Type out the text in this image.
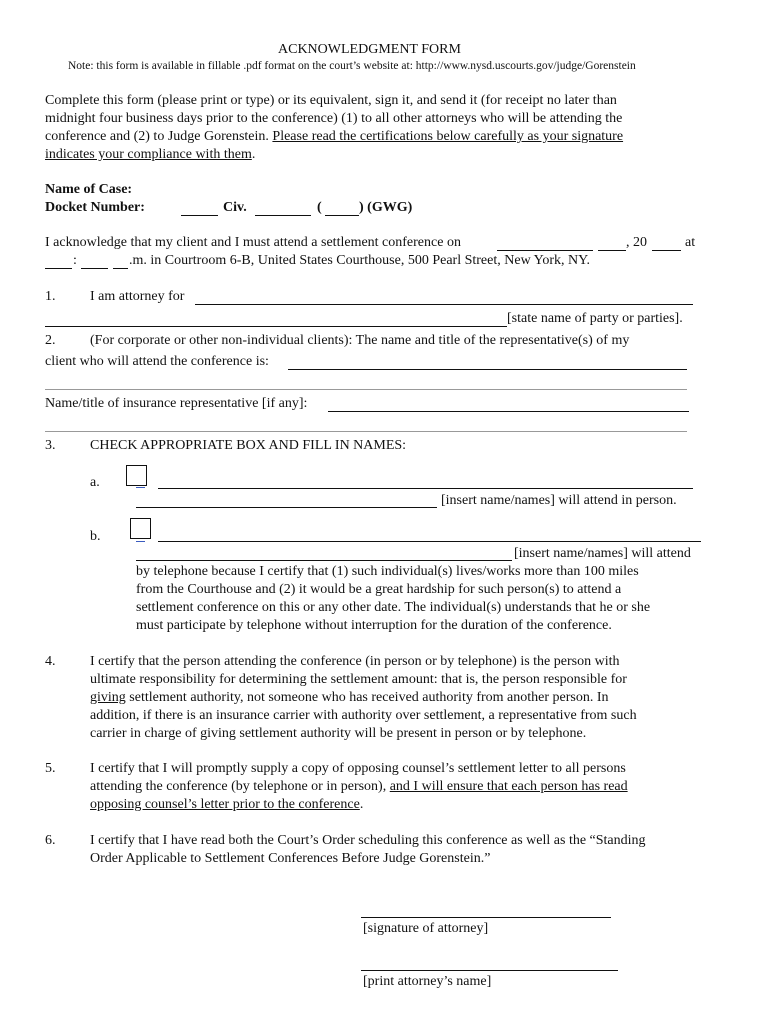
ACKNOWLEDGMENT FORM
Note: this form is available in fillable .pdf format on the court’s website at: http://www.nysd.uscourts.gov/judge/Gorenstein
Complete this form (please print or type) or its equivalent, sign it, and send it (for receipt no later than
midnight four business days prior to the conference) (1) to all other attorneys who will be attending the
conference and (2) to Judge Gorenstein. Please read the certifications below carefully as your signature
indicates your compliance with them.
Name of Case:
Docket Number:	Civ.	(	) (GWG)
I acknowledge that my client and I must attend a settlement conference on	, 20	at
:	.m. in Courtroom 6-B, United States Courthouse, 500 Pearl Street, New York, NY.
1. I am attorney for
[state name of party or parties].
2. (For corporate or other non-individual clients): The name and title of the representative(s) of my
client who will attend the conference is:
Name/title of insurance representative [if any]:
3. CHECK APPROPRIATE BOX AND FILL IN NAMES:
a.
[insert name/names] will attend in person.
b.
[insert name/names] will attend
by telephone because I certify that (1) such individual(s) lives/works more than 100 miles
from the Courthouse and (2) it would be a great hardship for such person(s) to attend a
settlement conference on this or any other date. The individual(s) understands that he or she
must participate by telephone without interruption for the duration of the conference.
4. I certify that the person attending the conference (in person or by telephone) is the person with
ultimate responsibility for determining the settlement amount: that is, the person responsible for
giving settlement authority, not someone who has received authority from another person. In
addition, if there is an insurance carrier with authority over settlement, a representative from such
carrier in charge of giving settlement authority will be present in person or by telephone.
5. I certify that I will promptly supply a copy of opposing counsel’s settlement letter to all persons
attending the conference (by telephone or in person), and I will ensure that each person has read
opposing counsel’s letter prior to the conference.
6. I certify that I have read both the Court’s Order scheduling this conference as well as the “Standing
Order Applicable to Settlement Conferences Before Judge Gorenstein.”
[signature of attorney]
[print attorney’s name]
